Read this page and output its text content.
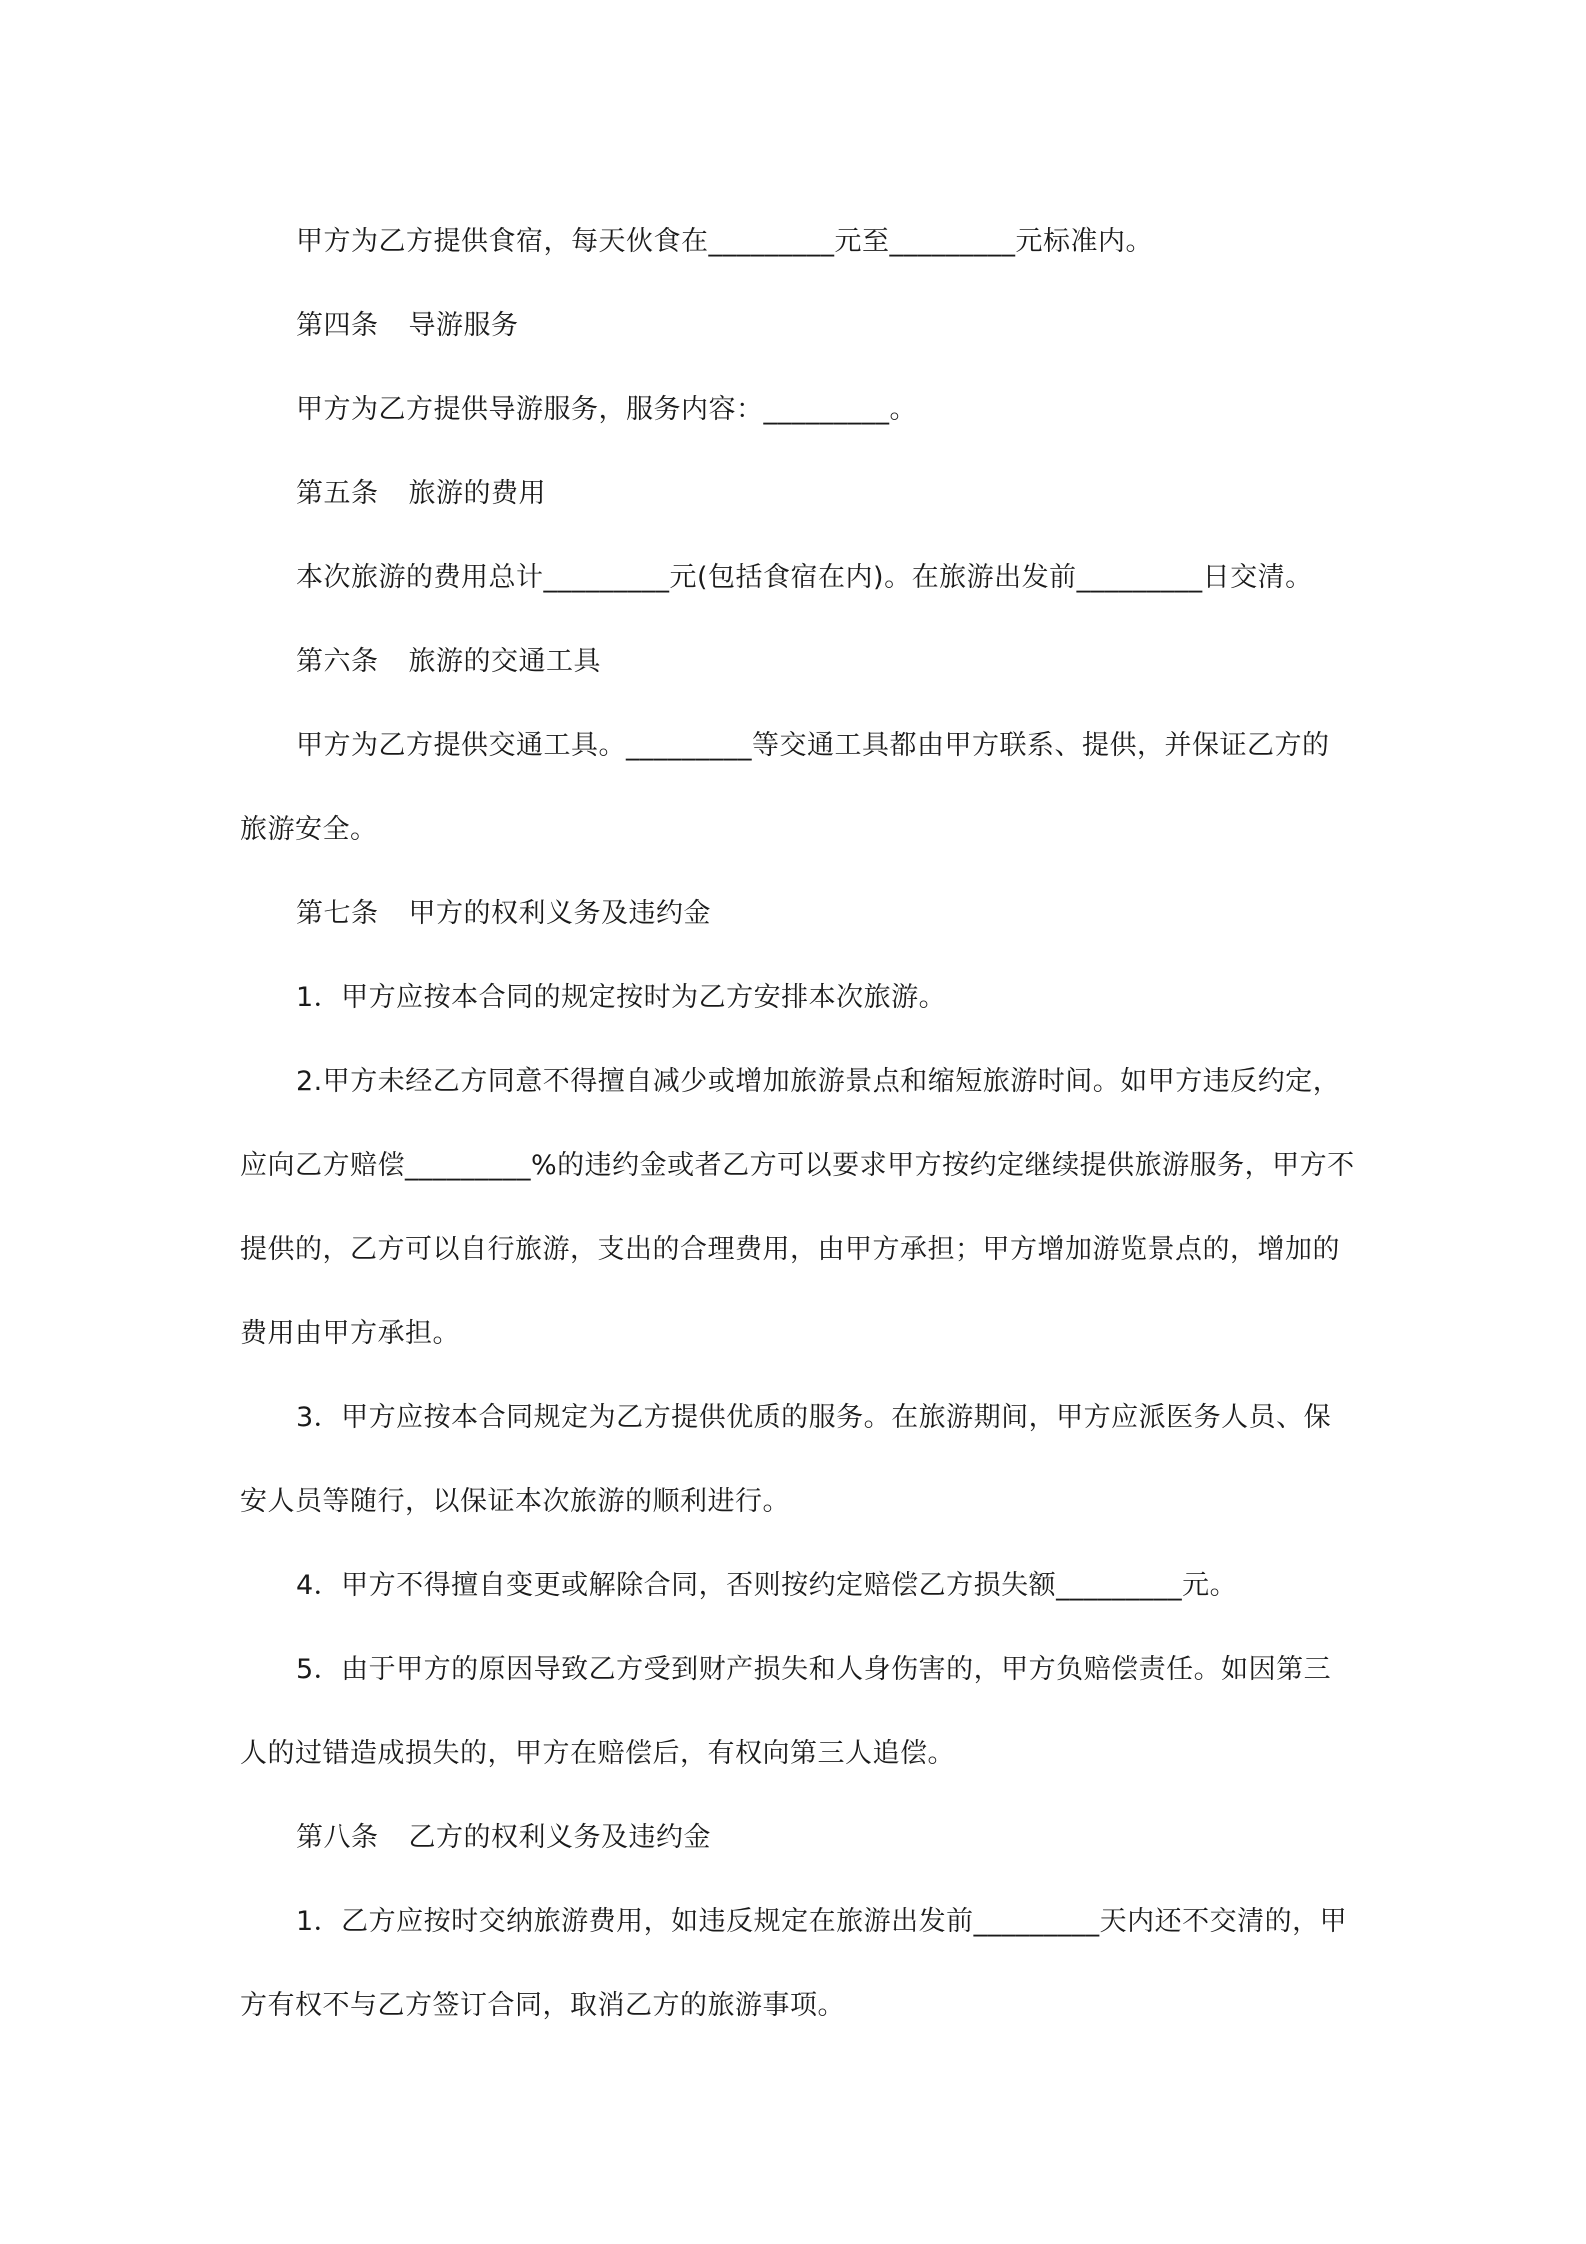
甲方为乙方提供食宿，每天伙食在_________元至_________元标准内。

第四条 导游服务

甲方为乙方提供导游服务，服务内容：_________。

第五条 旅游的费用

本次旅游的费用总计_________元(包括食宿在内)。在旅游出发前_________日交清。

第六条 旅游的交通工具

甲方为乙方提供交通工具。_________等交通工具都由甲方联系、提供，并保证乙方的旅游安全。

第七条 甲方的权利义务及违约金

1．甲方应按本合同的规定按时为乙方安排本次旅游。

2.甲方未经乙方同意不得擅自减少或增加旅游景点和缩短旅游时间。如甲方违反约定，应向乙方赔偿_________%的违约金或者乙方可以要求甲方按约定继续提供旅游服务，甲方不提供的，乙方可以自行旅游，支出的合理费用，由甲方承担；甲方增加游览景点的，增加的费用由甲方承担。

3．甲方应按本合同规定为乙方提供优质的服务。在旅游期间，甲方应派医务人员、保安人员等随行，以保证本次旅游的顺利进行。

4．甲方不得擅自变更或解除合同，否则按约定赔偿乙方损失额_________元。

5．由于甲方的原因导致乙方受到财产损失和人身伤害的，甲方负赔偿责任。如因第三人的过错造成损失的，甲方在赔偿后，有权向第三人追偿。

第八条 乙方的权利义务及违约金

1．乙方应按时交纳旅游费用，如违反规定在旅游出发前_________天内还不交清的，甲方有权不与乙方签订合同，取消乙方的旅游事项。
